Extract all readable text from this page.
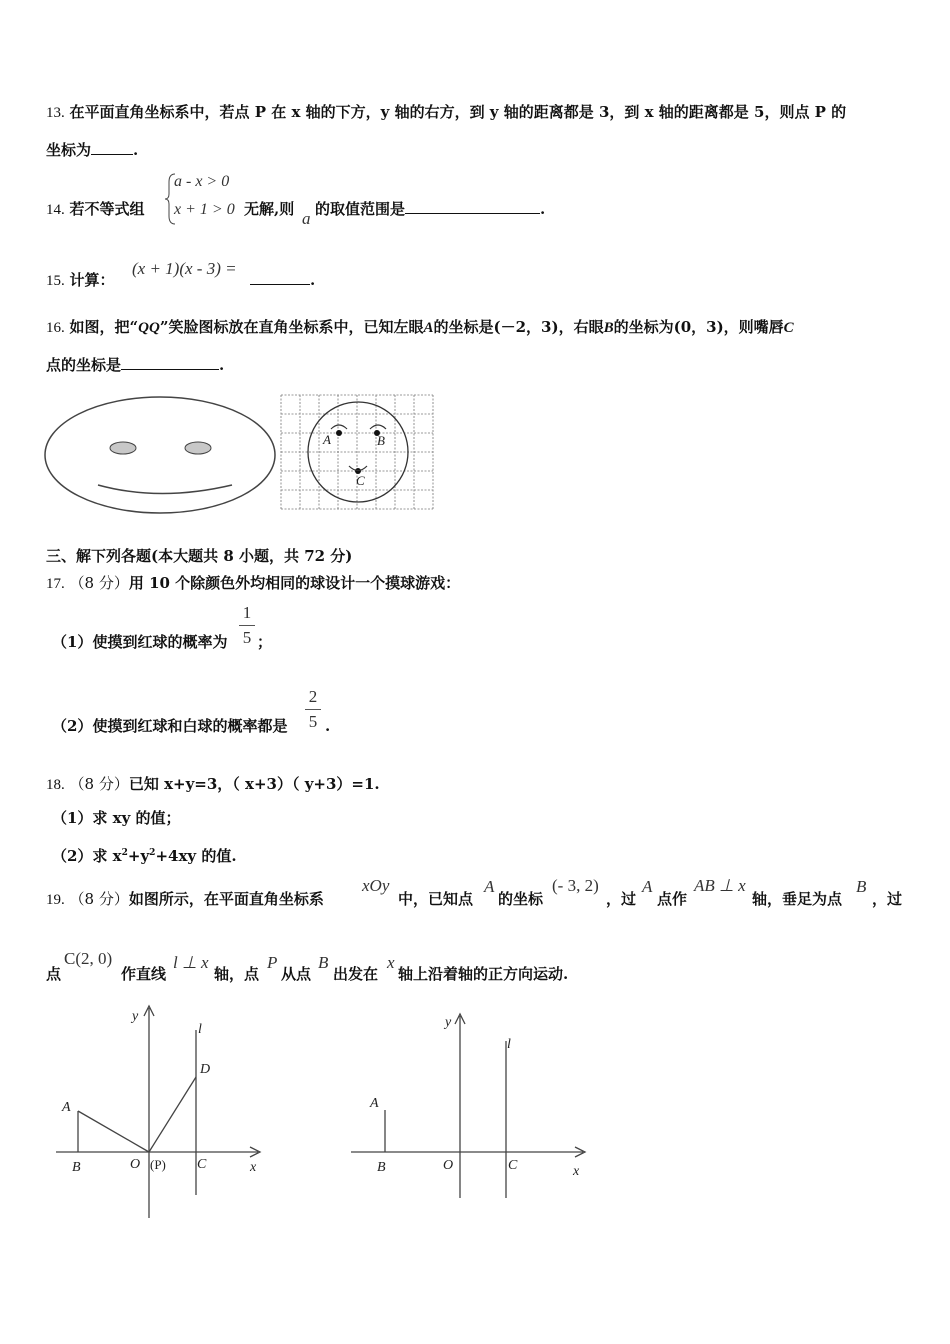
13. 在平面直角坐标系中，若点 P 在 x 轴的下方，y 轴的右方，到 y 轴的距离都是 3，到 x 轴的距离都是 5，则点 P 的
坐标为	.
14. 若不等式组
a - x > 0
x + 1 > 0 无解,则 a 的取值范围是	.
15. 计算：
(x + 1)(x - 3) =
.
16. 如图，把“QQ”笑脸图标放在直角坐标系中，已知左眼A的坐标是(－2，3)，右眼B的坐标为(0，3)，则嘴唇C
点的坐标是	.
A	B
C
三、解下列各题(本大题共 8 小题，共 72 分)
17. （8 分）用 10 个除颜色外均相同的球设计一个摸球游戏：
（1）使摸到红球的概率为
1
5 ；
（2）使摸到红球和白球的概率都是
2
5 .
18. （8 分）已知 x+y=3，（ x+3）（ y+3）=1.
（1）求 xy 的值；
（2）求 $x^2+y^2+4xy$ 的值.
19. （8 分）如图所示，在平面直角坐标系
xOy
中，已知点
A
的坐标
(- 3, 2)
，过
A
点作
AB ⊥ x
轴，垂足为点
B
，过
点
C(2, 0)
作直线
l ⊥ x
轴，点
P
从点
B
出发在
x
轴上沿着轴的正方向运动.
y
x
l
D
A
B	O (P) C
y
x
l
A
B	O	C
